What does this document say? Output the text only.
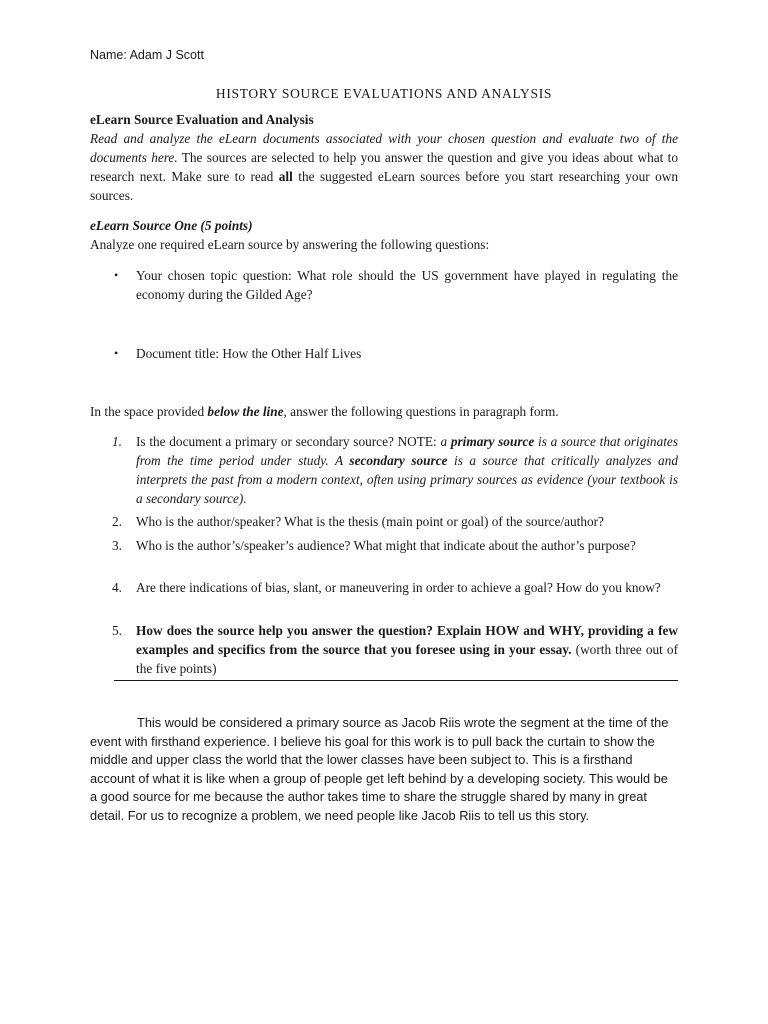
Name: Adam J Scott
HISTORY SOURCE EVALUATIONS AND ANALYSIS
eLearn Source Evaluation and Analysis
Read and analyze the eLearn documents associated with your chosen question and evaluate two of the documents here. The sources are selected to help you answer the question and give you ideas about what to research next. Make sure to read all the suggested eLearn sources before you start researching your own sources.
eLearn Source One (5 points)
Analyze one required eLearn source by answering the following questions:
• Your chosen topic question: What role should the US government have played in regulating the economy during the Gilded Age?
• Document title: How the Other Half Lives
In the space provided below the line, answer the following questions in paragraph form.
1. Is the document a primary or secondary source? NOTE: a primary source is a source that originates from the time period under study. A secondary source is a source that critically analyzes and interprets the past from a modern context, often using primary sources as evidence (your textbook is a secondary source).
2. Who is the author/speaker? What is the thesis (main point or goal) of the source/author?
3. Who is the author’s/speaker’s audience? What might that indicate about the author’s purpose?
4. Are there indications of bias, slant, or maneuvering in order to achieve a goal? How do you know?
5. How does the source help you answer the question? Explain HOW and WHY, providing a few examples and specifics from the source that you foresee using in your essay. (worth three out of the five points)
This would be considered a primary source as Jacob Riis wrote the segment at the time of the event with firsthand experience. I believe his goal for this work is to pull back the curtain to show the middle and upper class the world that the lower classes have been subject to. This is a firsthand account of what it is like when a group of people get left behind by a developing society. This would be a good source for me because the author takes time to share the struggle shared by many in great detail. For us to recognize a problem, we need people like Jacob Riis to tell us this story.
